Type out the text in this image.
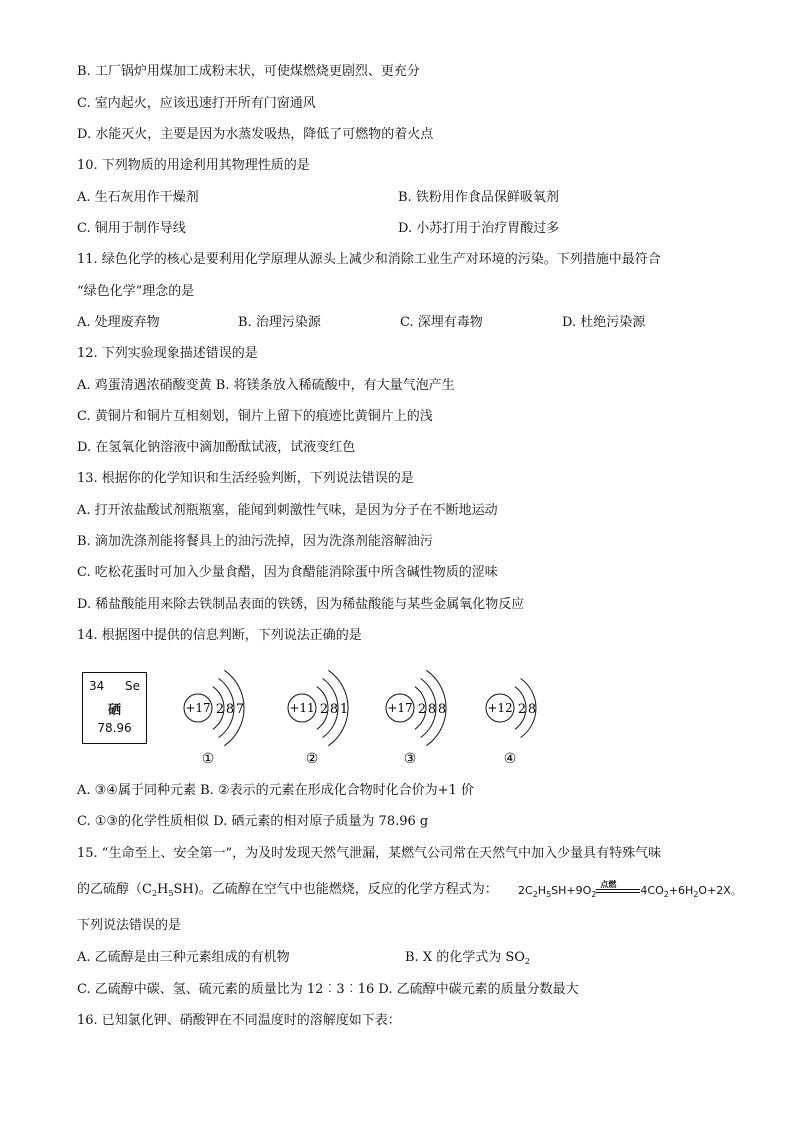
B. 工厂锅炉用煤加工成粉末状，可使煤燃烧更剧烈、更充分
C. 室内起火，应该迅速打开所有门窗通风
D. 水能灭火，主要是因为水蒸发吸热，降低了可燃物的着火点
10. 下列物质的用途利用其物理性质的是
A. 生石灰用作干燥剂	B. 铁粉用作食品保鲜吸氧剂
C. 铜用于制作导线	D. 小苏打用于治疗胃酸过多
11. 绿色化学的核心是要利用化学原理从源头上减少和消除工业生产对环境的污染。下列措施中最符合
“绿色化学”理念的是
A. 处理废弃物	B. 治理污染源	C. 深埋有毒物	D. 杜绝污染源
12. 下列实验现象描述错误的是
A. 鸡蛋清遇浓硝酸变黄 B. 将镁条放入稀硫酸中，有大量气泡产生
C. 黄铜片和铜片互相刻划，铜片上留下的痕迹比黄铜片上的浅
D. 在氢氧化钠溶液中滴加酚酞试液，试液变红色
13. 根据你的化学知识和生活经验判断，下列说法错误的是
A. 打开浓盐酸试剂瓶瓶塞，能闻到刺激性气味，是因为分子在不断地运动
B. 滴加洗涤剂能将餐具上的油污洗掉，因为洗涤剂能溶解油污
C. 吃松花蛋时可加入少量食醋，因为食醋能消除蛋中所含碱性物质的涩味
D. 稀盐酸能用来除去铁制品表面的铁锈，因为稀盐酸能与某些金属氧化物反应
14. 根据图中提供的信息判断，下列说法正确的是
34 Se
硒
78.96
+17 2 8 7
①
+11 2 8 1
②
+17 2 8 8
③
+12 2 8
④
A. ③④属于同种元素 B. ②表示的元素在形成化合物时化合价为+1 价
C. ①③的化学性质相似 D. 硒元素的相对原子质量为 78.96 g
15. “生命至上、安全第一”，为及时发现天然气泄漏，某燃气公司常在天然气中加入少量具有特殊气味
的乙硫醇$(C_2H_5SH)$。乙硫醇在空气中也能燃烧，反应的化学方程式为： $2C_2H_5SH+9O_2$
点燃 $4CO_2+6H_2O+2X$。
下列说法错误的是
A. 乙硫醇是由三种元素组成的有机物	B. X 的化学式为 $SO_2$
C. 乙硫醇中碳、氢、硫元素的质量比为 12︰3︰16 D. 乙硫醇中碳元素的质量分数最大
16. 已知氯化钾、硝酸钾在不同温度时的溶解度如下表：
